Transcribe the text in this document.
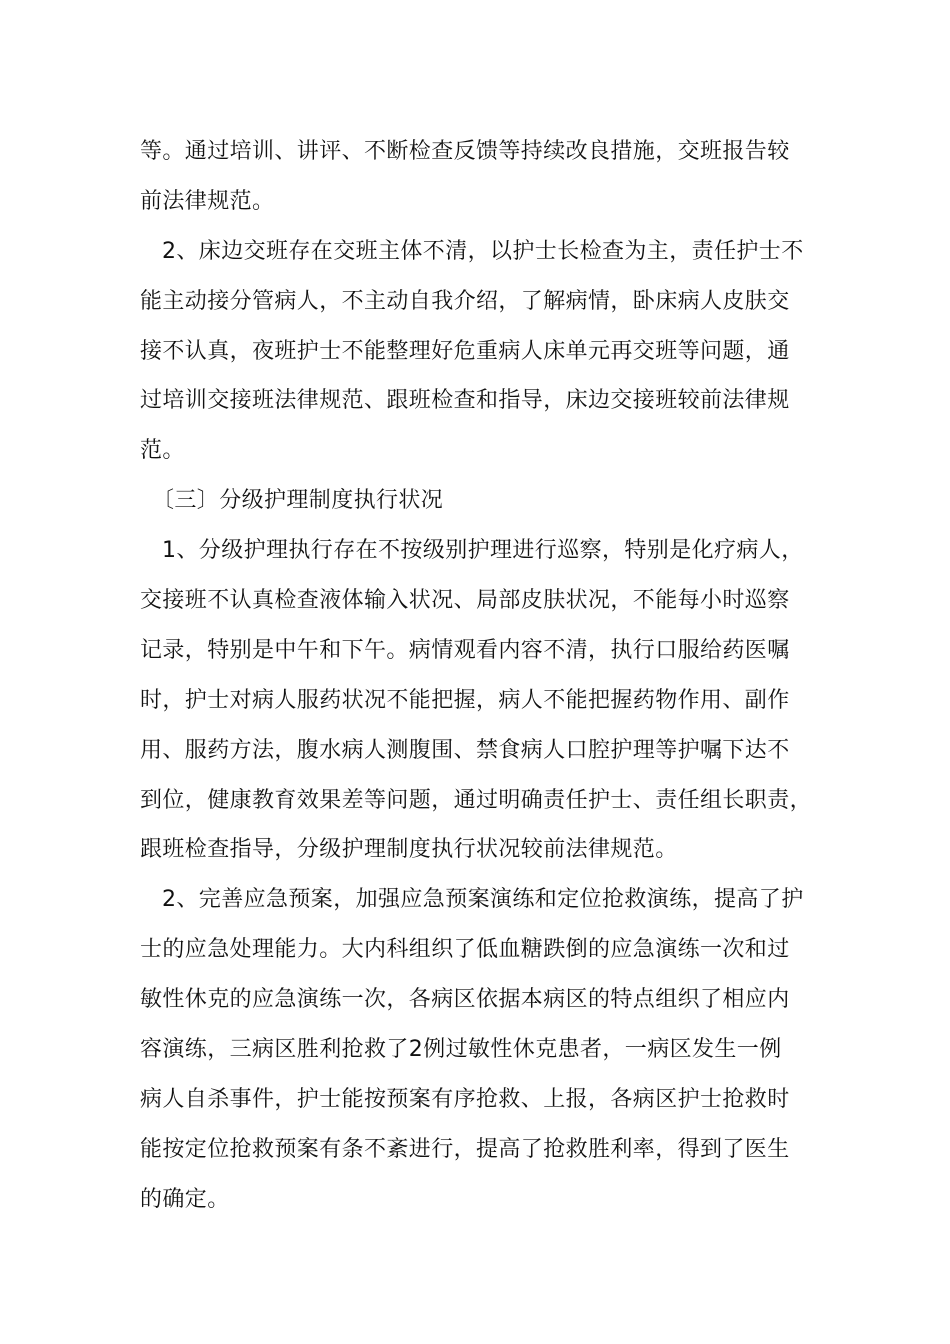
等。通过培训、讲评、不断检查反馈等持续改良措施，交班报告较
前法律规范。
2、床边交班存在交班主体不清，以护士长检查为主，责任护士不
能主动接分管病人，不主动自我介绍，了解病情，卧床病人皮肤交
接不认真，夜班护士不能整理好危重病人床单元再交班等问题，通
过培训交接班法律规范、跟班检查和指导，床边交接班较前法律规
范。
〔三〕分级护理制度执行状况
1、分级护理执行存在不按级别护理进行巡察，特别是化疗病人，
交接班不认真检查液体输入状况、局部皮肤状况，不能每小时巡察
记录，特别是中午和下午。病情观看内容不清，执行口服给药医嘱
时，护士对病人服药状况不能把握，病人不能把握药物作用、副作
用、服药方法，腹水病人测腹围、禁食病人口腔护理等护嘱下达不
到位，健康教育效果差等问题，通过明确责任护士、责任组长职责，
跟班检查指导，分级护理制度执行状况较前法律规范。
2、完善应急预案，加强应急预案演练和定位抢救演练，提高了护
士的应急处理能力。大内科组织了低血糖跌倒的应急演练一次和过
敏性休克的应急演练一次，各病区依据本病区的特点组织了相应内
容演练，三病区胜利抢救了2例过敏性休克患者，一病区发生一例
病人自杀事件，护士能按预案有序抢救、上报，各病区护士抢救时
能按定位抢救预案有条不紊进行，提高了抢救胜利率，得到了医生
的确定。
